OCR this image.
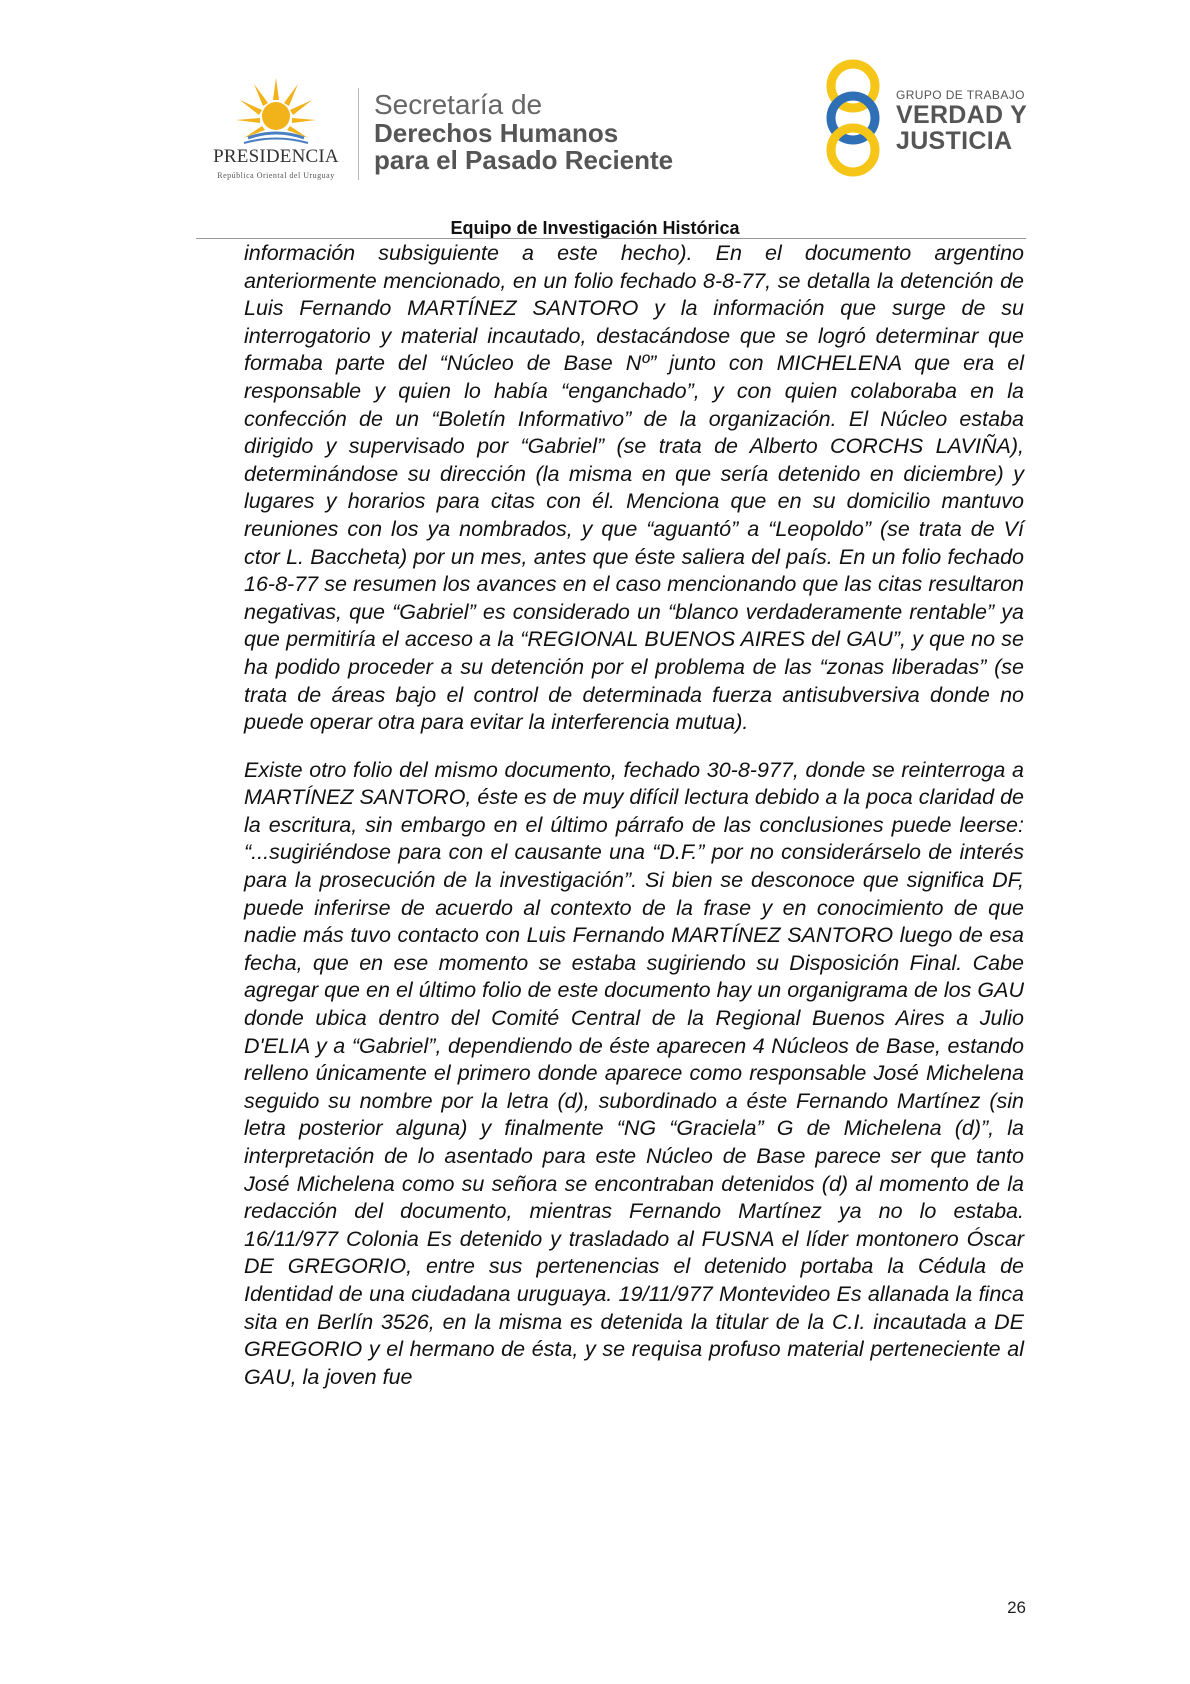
PRESIDENCIA
República Oriental del Uruguay
Secretaría de
Derechos Humanos
para el Pasado Reciente
GRUPO DE TRABAJO
VERDAD Y
JUSTICIA
Equipo de Investigación Histórica

información subsiguiente a este hecho). En el documento argentino anteriormente mencionado, en un folio fechado 8-8-77, se detalla la detención de Luis Fernando MARTÍNEZ SANTORO y la información que surge de su interrogatorio y material incautado, destacándose que se logró determinar que formaba parte del “Núcleo de Base Nº” junto con MICHELENA que era el responsable y quien lo había “enganchado”, y con quien colaboraba en la confección de un “Boletín Informativo” de la organización. El Núcleo estaba dirigido y supervisado por “Gabriel” (se trata de Alberto CORCHS LAVIÑA), determinándose su dirección (la misma en que sería detenido en diciembre) y lugares y horarios para citas con él. Menciona que en su domicilio mantuvo reuniones con los ya nombrados, y que “aguantó” a “Leopoldo” (se trata de Ví ctor L. Baccheta) por un mes, antes que éste saliera del país. En un folio fechado 16-8-77 se resumen los avances en el caso mencionando que las citas resultaron negativas, que “Gabriel” es considerado un “blanco verdaderamente rentable” ya que permitiría el acceso a la “REGIONAL BUENOS AIRES del GAU”, y que no se ha podido proceder a su detención por el problema de las “zonas liberadas” (se trata de áreas bajo el control de determinada fuerza antisubversiva donde no puede operar otra para evitar la interferencia mutua).

Existe otro folio del mismo documento, fechado 30-8-977, donde se reinterroga a MARTÍNEZ SANTORO, éste es de muy difícil lectura debido a la poca claridad de la escritura, sin embargo en el último párrafo de las conclusiones puede leerse: “...sugiriéndose para con el causante una “D.F.” por no considerárselo de interés para la prosecución de la investigación”. Si bien se desconoce que significa DF, puede inferirse de acuerdo al contexto de la frase y en conocimiento de que nadie más tuvo contacto con Luis Fernando MARTÍNEZ SANTORO luego de esa fecha, que en ese momento se estaba sugiriendo su Disposición Final. Cabe agregar que en el último folio de este documento hay un organigrama de los GAU donde ubica dentro del Comité Central de la Regional Buenos Aires a Julio D'ELIA y a “Gabriel”, dependiendo de éste aparecen 4 Núcleos de Base, estando relleno únicamente el primero donde aparece como responsable José Michelena seguido su nombre por la letra (d), subordinado a éste Fernando Martínez (sin letra posterior alguna) y finalmente “NG “Graciela” G de Michelena (d)”, la interpretación de lo asentado para este Núcleo de Base parece ser que tanto José Michelena como su señora se encontraban detenidos (d) al momento de la redacción del documento, mientras Fernando Martínez ya no lo estaba. 16/11/977 Colonia Es detenido y trasladado al FUSNA el líder montonero Óscar DE GREGORIO, entre sus pertenencias el detenido portaba la Cédula de Identidad de una ciudadana uruguaya. 19/11/977 Montevideo Es allanada la finca sita en Berlín 3526, en la misma es detenida la titular de la C.I. incautada a DE GREGORIO y el hermano de ésta, y se requisa profuso material perteneciente al GAU, la joven fue

26
